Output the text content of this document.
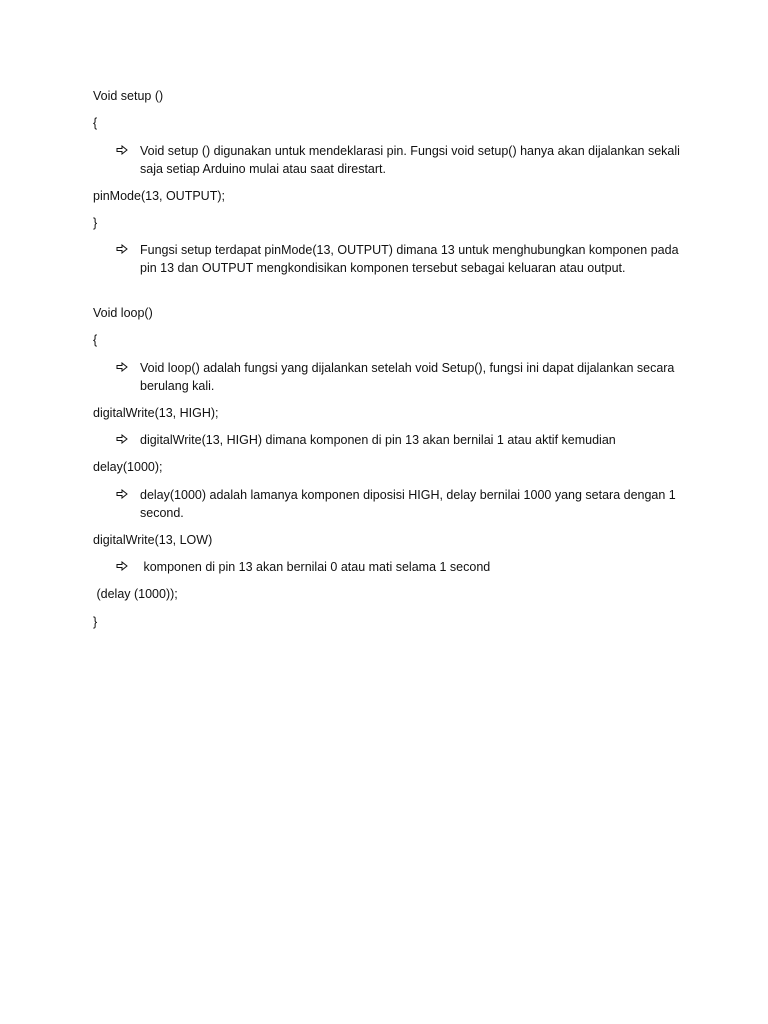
Void setup ()
{
Void setup () digunakan untuk mendeklarasi pin. Fungsi void setup() hanya akan dijalankan sekali saja setiap Arduino mulai atau saat direstart.
pinMode(13, OUTPUT);
}
Fungsi setup terdapat pinMode(13, OUTPUT) dimana 13 untuk menghubungkan komponen pada pin 13 dan OUTPUT mengkondisikan komponen tersebut sebagai keluaran atau output.
Void loop()
{
Void loop() adalah fungsi yang dijalankan setelah void Setup(), fungsi ini dapat dijalankan secara berulang kali.
digitalWrite(13, HIGH);
digitalWrite(13, HIGH) dimana komponen di pin 13 akan bernilai 1 atau aktif kemudian
delay(1000);
delay(1000) adalah lamanya komponen diposisi HIGH, delay bernilai 1000 yang setara dengan 1 second.
digitalWrite(13, LOW)
komponen di pin 13 akan bernilai 0 atau mati selama 1 second
(delay (1000));
}
